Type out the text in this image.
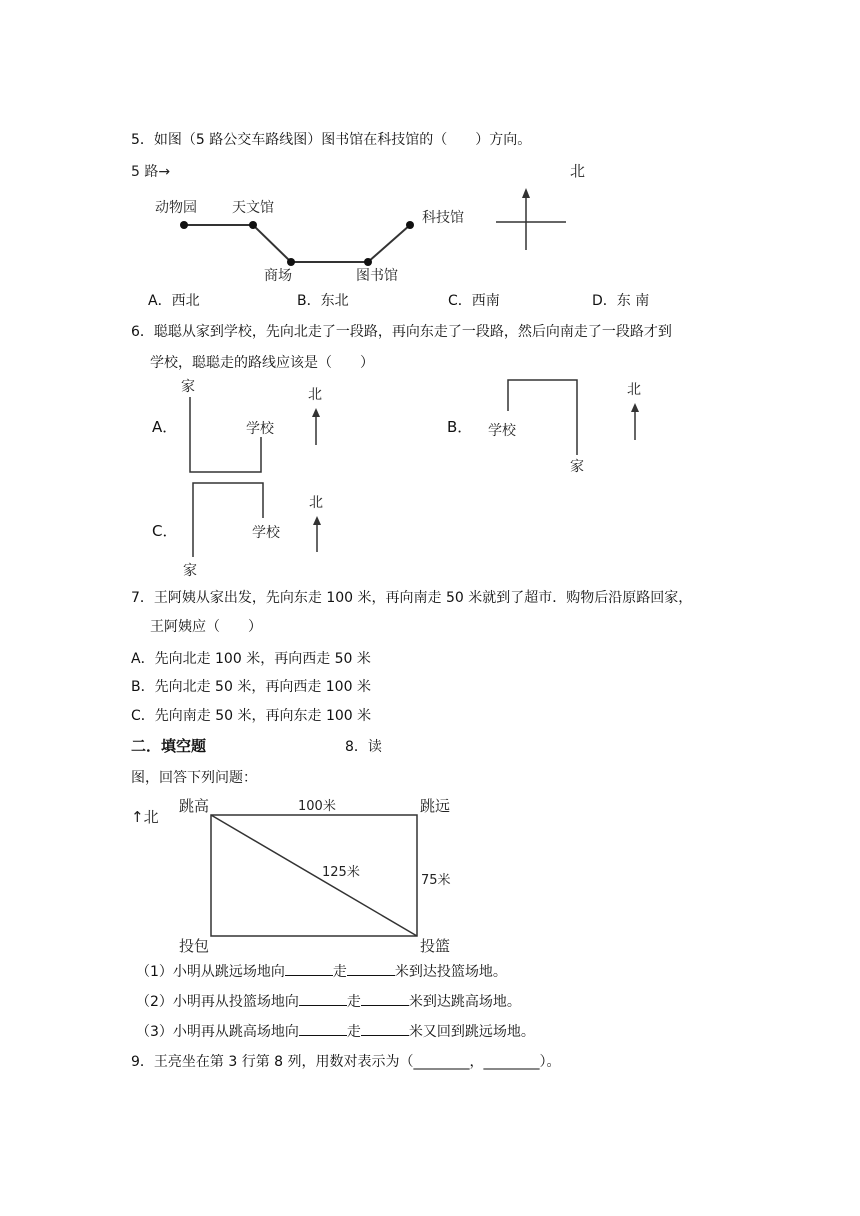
5．如图（5 路公交车路线图）图书馆在科技馆的（　　）方向。
5 路→
动物园	天文馆
商场	图书馆
科技馆
北
A．西北	B．东北	C．西南	D．东 南
6．聪聪从家到学校，先向北走了一段路，再向东走了一段路，然后向南走了一段路才到
学校，聪聪走的路线应该是（　　）
A．	B．
C．
家
学校
北
学校
家
北
学校
家
北
7．王阿姨从家出发，先向东走 100 米，再向南走 50 米就到了超市．购物后沿原路回家，
王阿姨应（　　）
A．先向北走 100 米，再向西走 50 米
B．先向北走 50 米，再向西走 100 米
C．先向南走 50 米，再向东走 100 米
二．填空题	8．读
图，回答下列问题：
↑北
跳高	跳远
投包	投篮
100米
125米
75米
（1）小明从跳远场地向	走	米到达投篮场地。
（2）小明再从投篮场地向	走	米到达跳高场地。
（3）小明再从跳高场地向	走	米又回到跳远场地。
9．王亮坐在第 3 行第 8 列，用数对表示为（________，________）。
